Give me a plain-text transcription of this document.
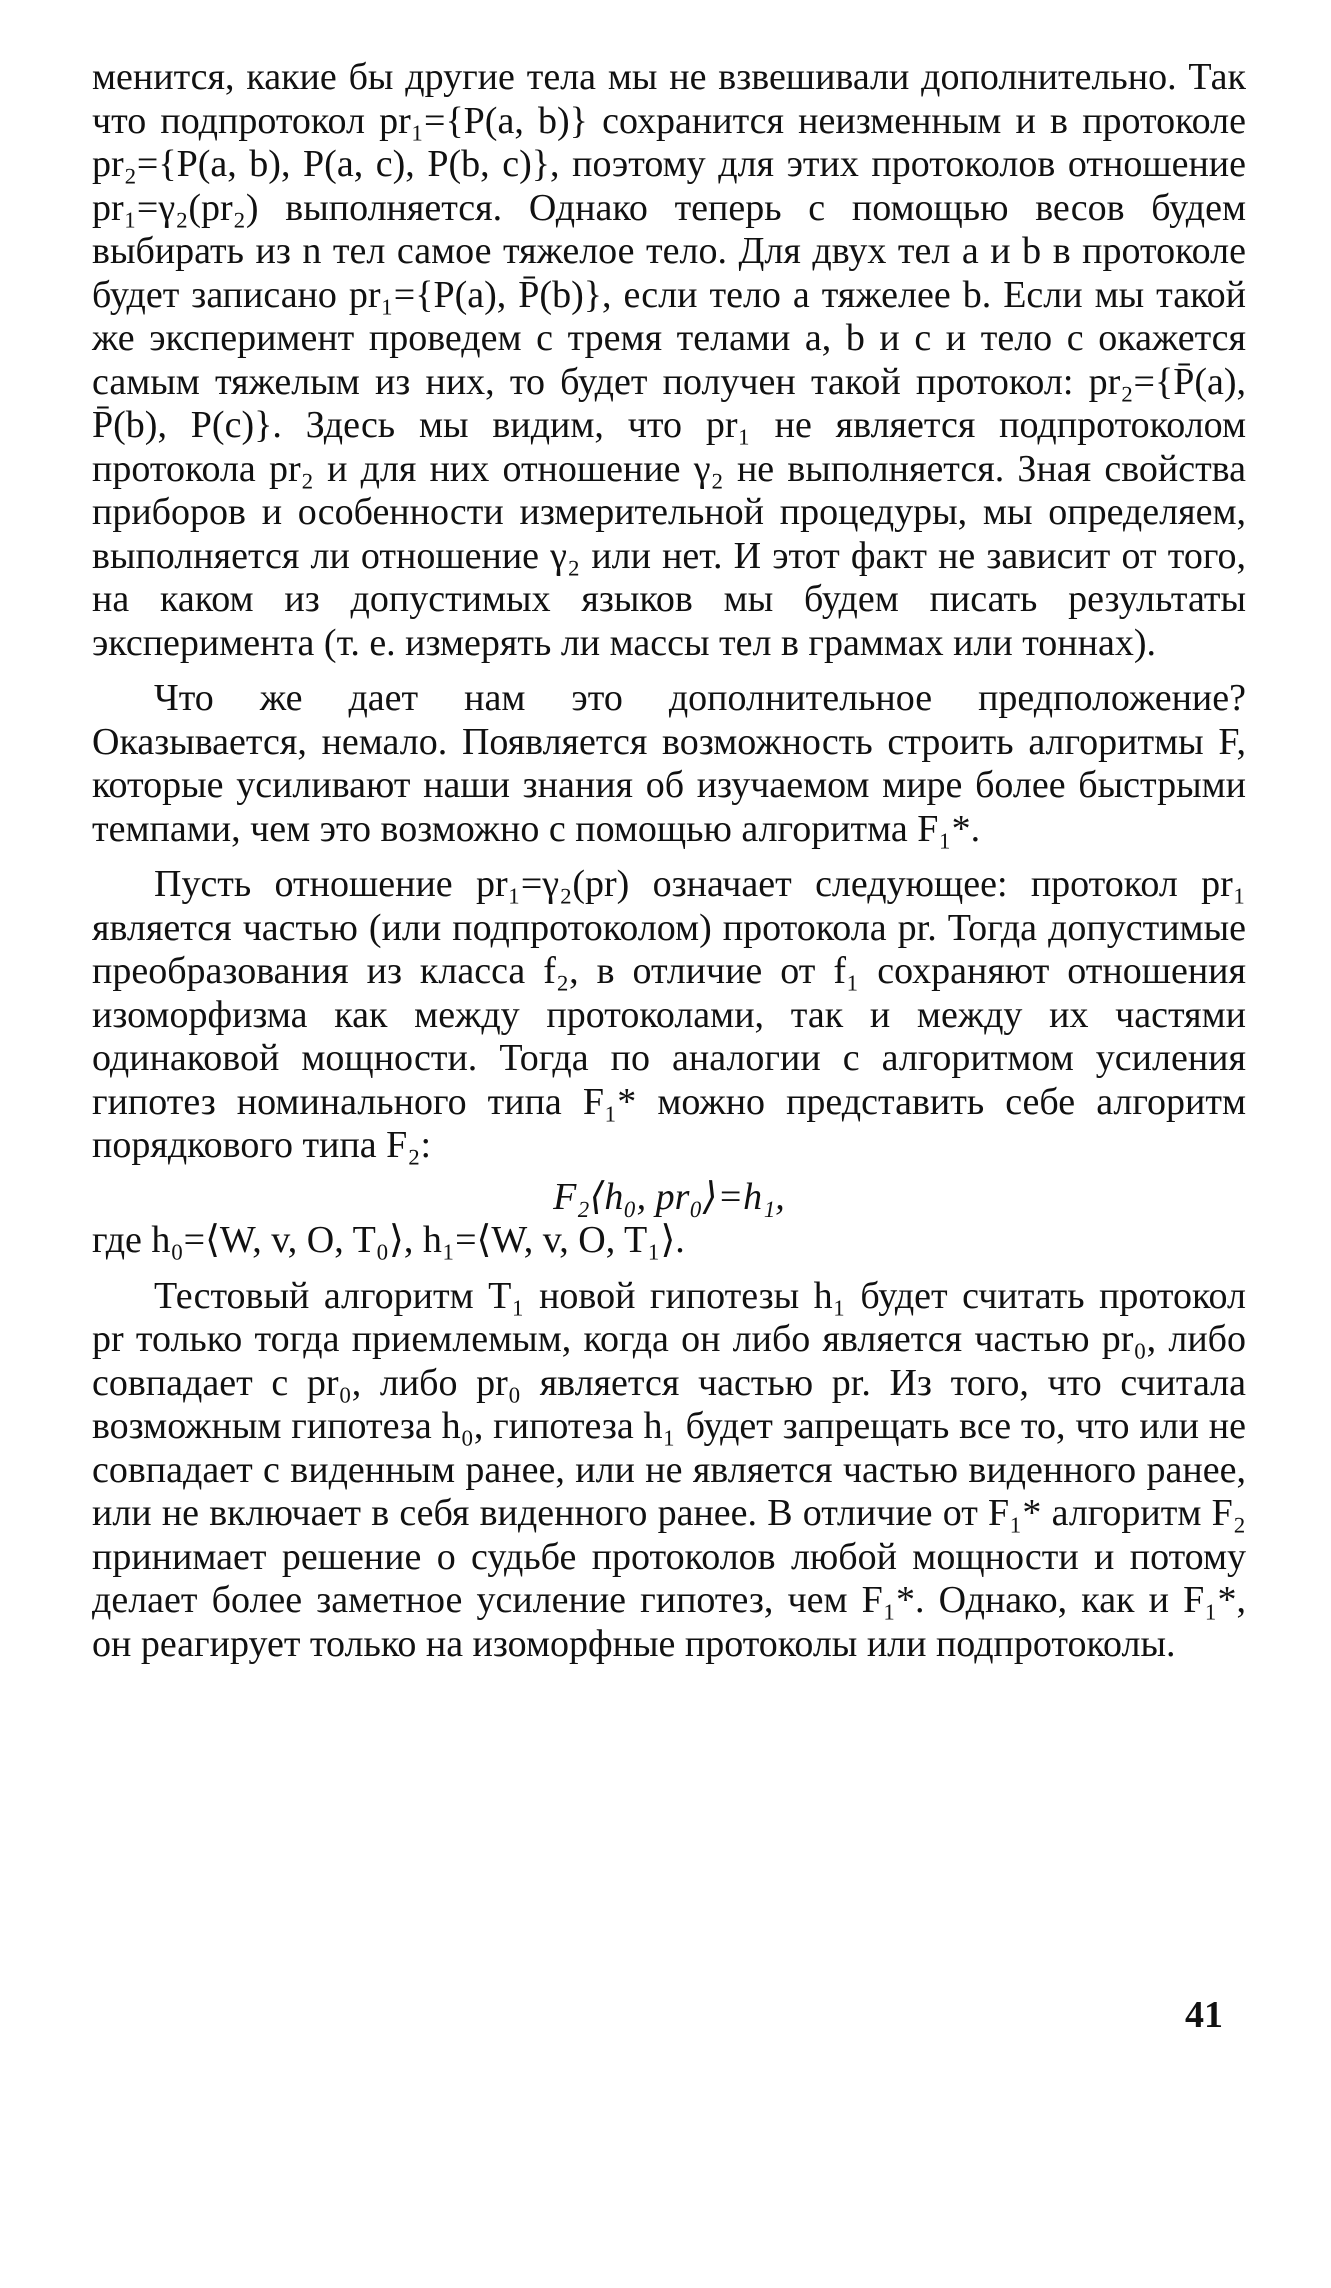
менится, какие бы другие тела мы не взвешивали дополнительно. Так что подпротокол pr₁={P(a, b)} сохранится неизменным и в протоколе pr₂={P(a, b), P(a, c), P(b, c)}, поэтому для этих протоколов отношение pr₁=γ₂(pr₂) выполняется. Однако теперь с помощью весов будем выбирать из n тел самое тяжелое тело. Для двух тел a и b в протоколе будет записано pr₁={P(a), P̄(b)}, если тело a тяжелее b. Если мы такой же эксперимент проведем с тремя телами a, b и c и тело c окажется самым тяжелым из них, то будет получен такой протокол: pr₂={P̄(a), P̄(b), P(c)}. Здесь мы видим, что pr₁ не является подпротоколом протокола pr₂ и для них отношение γ₂ не выполняется. Зная свойства приборов и особенности измерительной процедуры, мы определяем, выполняется ли отношение γ₂ или нет. И этот факт не зависит от того, на каком из допустимых языков мы будем писать результаты эксперимента (т. е. измерять ли массы тел в граммах или тоннах).

Что же дает нам это дополнительное предположение? Оказывается, немало. Появляется возможность строить алгоритмы F, которые усиливают наши знания об изучаемом мире более быстрыми темпами, чем это возможно с помощью алгоритма F₁*.

Пусть отношение pr₁=γ₂(pr) означает следующее: протокол pr₁ является частью (или подпротоколом) протокола pr. Тогда допустимые преобразования из класса f₂, в отличие от f₁ сохраняют отношения изоморфизма как между протоколами, так и между их частями одинаковой мощности. Тогда по аналогии с алгоритмом усиления гипотез номинального типа F₁* можно представить себе алгоритм порядкового типа F₂:

F₂⟨h₀, pr₀⟩=h₁,

где h₀=⟨W, v, O, T₀⟩, h₁=⟨W, v, O, T₁⟩.

Тестовый алгоритм T₁ новой гипотезы h₁ будет считать протокол pr только тогда приемлемым, когда он либо является частью pr₀, либо совпадает с pr₀, либо pr₀ является частью pr. Из того, что считала возможным гипотеза h₀, гипотеза h₁ будет запрещать все то, что или не совпадает с виденным ранее, или не является частью виденного ранее, или не включает в себя виденного ранее. В отличие от F₁* алгоритм F₂ принимает решение о судьбе протоколов любой мощности и потому делает более заметное усиление гипотез, чем F₁*. Однако, как и F₁*, он реагирует только на изоморфные протоколы или подпротоколы.

41
